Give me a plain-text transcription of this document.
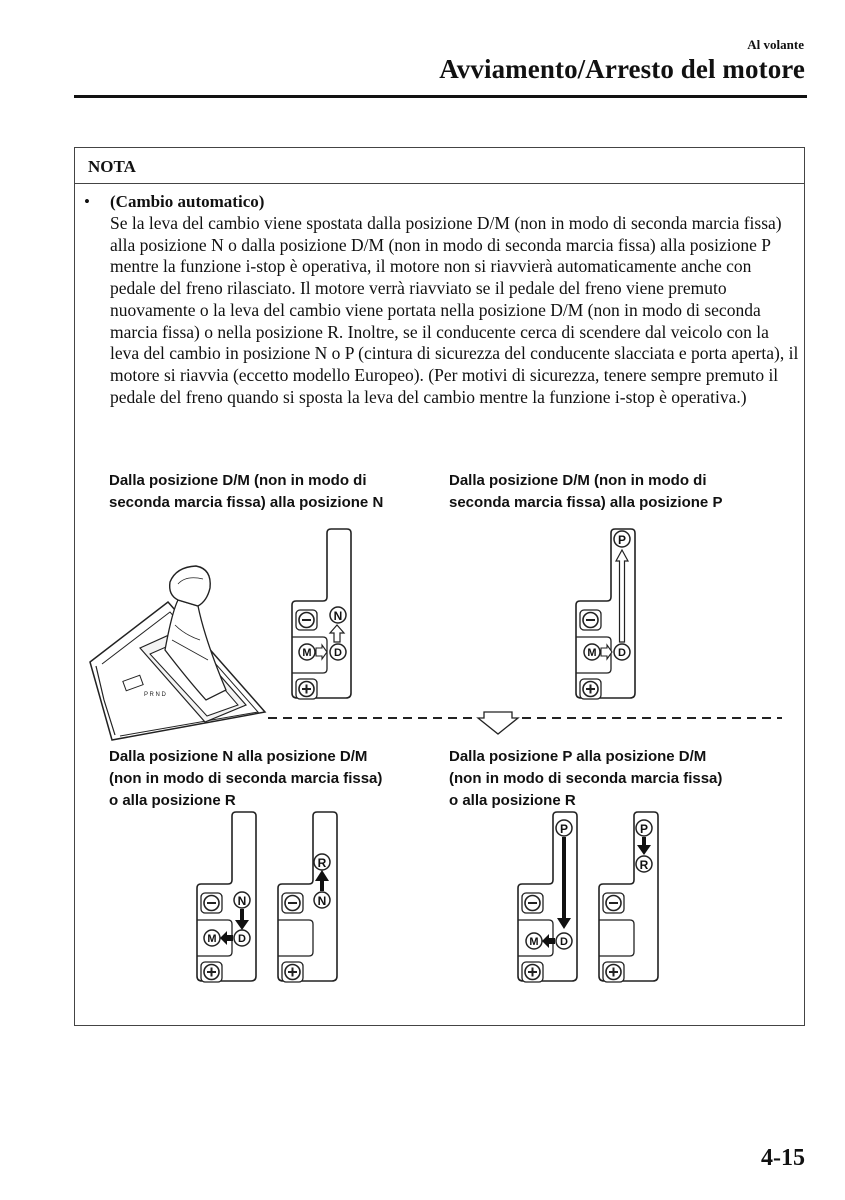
Al volante
Avviamento/Arresto del motore
NOTA
• (Cambio automatico)
Se la leva del cambio viene spostata dalla posizione D/M (non in modo di seconda marcia fissa) alla posizione N o dalla posizione D/M (non in modo di seconda marcia fissa) alla posizione P mentre la funzione i-stop è operativa, il motore non si riavvierà automaticamente anche con pedale del freno rilasciato. Il motore verrà riavviato se il pedale del freno viene premuto nuovamente o la leva del cambio viene portata nella posizione D/M (non in modo di seconda marcia fissa) o nella posizione R. Inoltre, se il conducente cerca di scendere dal veicolo con la leva del cambio in posizione N o P (cintura di sicurezza del conducente slacciata e porta aperta), il motore si riavvia (eccetto modello Europeo). (Per motivi di sicurezza, tenere sempre premuto il pedale del freno quando si sposta la leva del cambio mentre la funzione i-stop è operativa.)
Dalla posizione D/M (non in modo di
seconda marcia fissa) alla posizione N
Dalla posizione D/M (non in modo di
seconda marcia fissa) alla posizione P
Dalla posizione N alla posizione D/M
(non in modo di seconda marcia fissa)
o alla posizione R
Dalla posizione P alla posizione D/M
(non in modo di seconda marcia fissa)
o alla posizione R
P R N D
N
M D
P
M D
N
M D
R
N
P
M D
P
R
4-15
